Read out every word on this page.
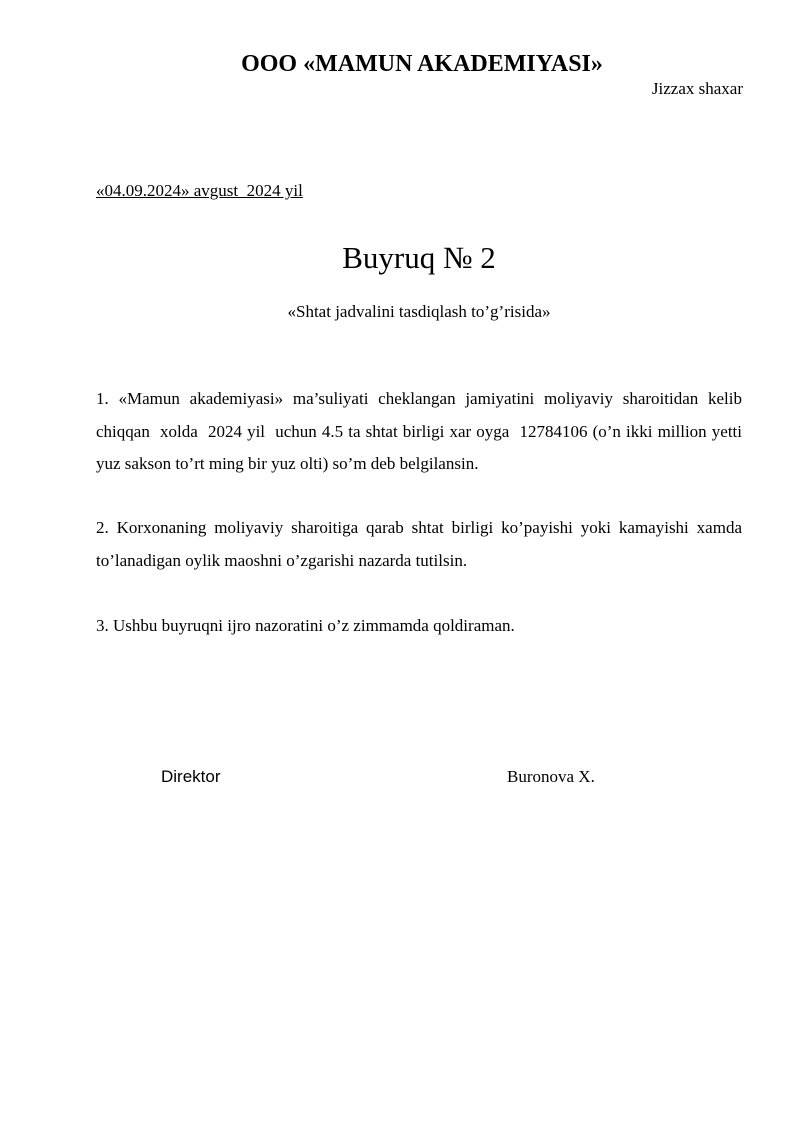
OOO «MAMUN AKADEMIYASI»
Jizzax shaxar
«04.09.2024» avgust  2024 yil
Buyruq № 2
«Shtat jadvalini tasdiqlash to’g’risida»
1. «Mamun akademiyasi» ma’suliyati cheklangan jamiyatini moliyaviy sharoitidan kelib chiqqan  xolda  2024 yil  uchun 4.5 ta shtat birligi xar oyga  12784106 (o’n ikki million yetti yuz sakson to’rt ming bir yuz olti) so’m deb belgilansin.
2. Korxonaning moliyaviy sharoitiga qarab shtat birligi ko’payishi yoki kamayishi xamda to’lanadigan oylik maoshni o’zgarishi nazarda tutilsin.
3. Ushbu buyruqni ijro nazoratini o’z zimmamda qoldiraman.
Direktor	Buronova X.
